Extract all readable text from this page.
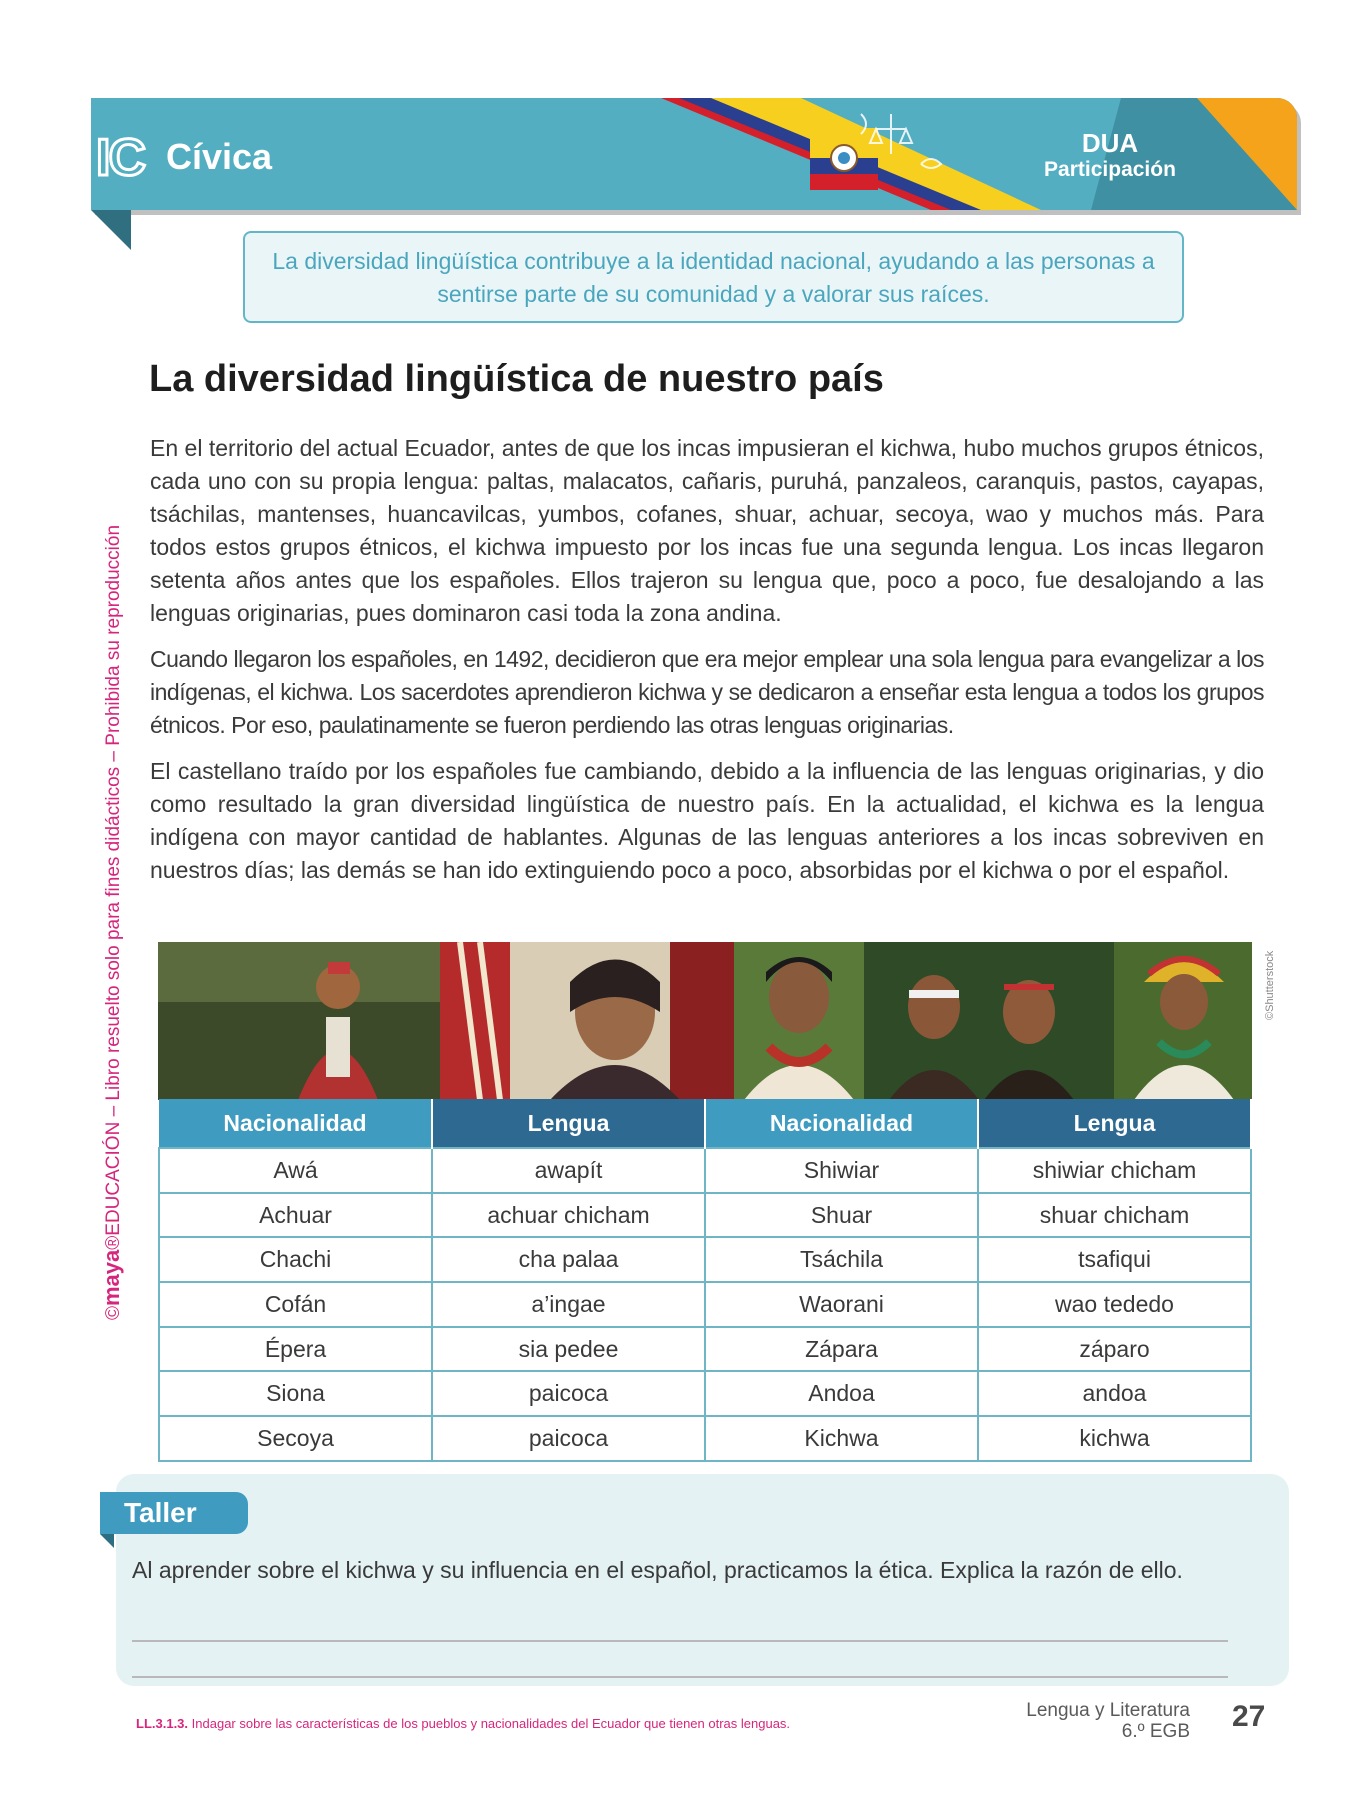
©maya®EDUCACIÓN – Libro resuelto solo para fines didácticos – Prohibida su reproducción
IC Cívica	DUA
Participación
La diversidad lingüística contribuye a la identidad nacional, ayudando a las personas a sentirse parte de su comunidad y a valorar sus raíces.
La diversidad lingüística de nuestro país

En el territorio del actual Ecuador, antes de que los incas impusieran el kichwa, hubo muchos grupos étnicos, cada uno con su propia lengua: paltas, malacatos, cañaris, puruhá, panzaleos, caranquis, pastos, cayapas, tsáchilas, mantenses, huancavilcas, yumbos, cofanes, shuar, achuar, secoya, wao y muchos más. Para todos estos grupos étnicos, el kichwa impuesto por los incas fue una segunda lengua. Los incas llegaron setenta años antes que los españoles. Ellos trajeron su lengua que, poco a poco, fue desalojando a las lenguas originarias, pues dominaron casi toda la zona andina.

Cuando llegaron los españoles, en 1492, decidieron que era mejor emplear una sola lengua para evangelizar a los indígenas, el kichwa. Los sacerdotes aprendieron kichwa y se dedicaron a enseñar esta lengua a todos los grupos étnicos. Por eso, paulatinamente se fueron perdiendo las otras lenguas originarias.

El castellano traído por los españoles fue cambiando, debido a la influencia de las lenguas originarias, y dio como resultado la gran diversidad lingüística de nuestro país. En la actualidad, el kichwa es la lengua indígena con mayor cantidad de hablantes. Algunas de las lenguas anteriores a los incas sobreviven en nuestros días; las demás se han ido extinguiendo poco a poco, absorbidas por el kichwa o por el español.

©Shutterstock
Nacionalidad	Lengua	Nacionalidad	Lengua
Awá	awapít	Shiwiar	shiwiar chicham
Achuar	achuar chicham	Shuar	shuar chicham
Chachi	cha palaa	Tsáchila	tsafiqui
Cofán	a’ingae	Waorani	wao tededo
Épera	sia pedee	Zápara	záparo
Siona	paicoca	Andoa	andoa
Secoya	paicoca	Kichwa	kichwa
Taller
Al aprender sobre el kichwa y su influencia en el español, practicamos la ética. Explica la razón de ello.
LL.3.1.3. Indagar sobre las características de los pueblos y nacionalidades del Ecuador que tienen otras lenguas.
Lengua y Literatura
6.º EGB 27
